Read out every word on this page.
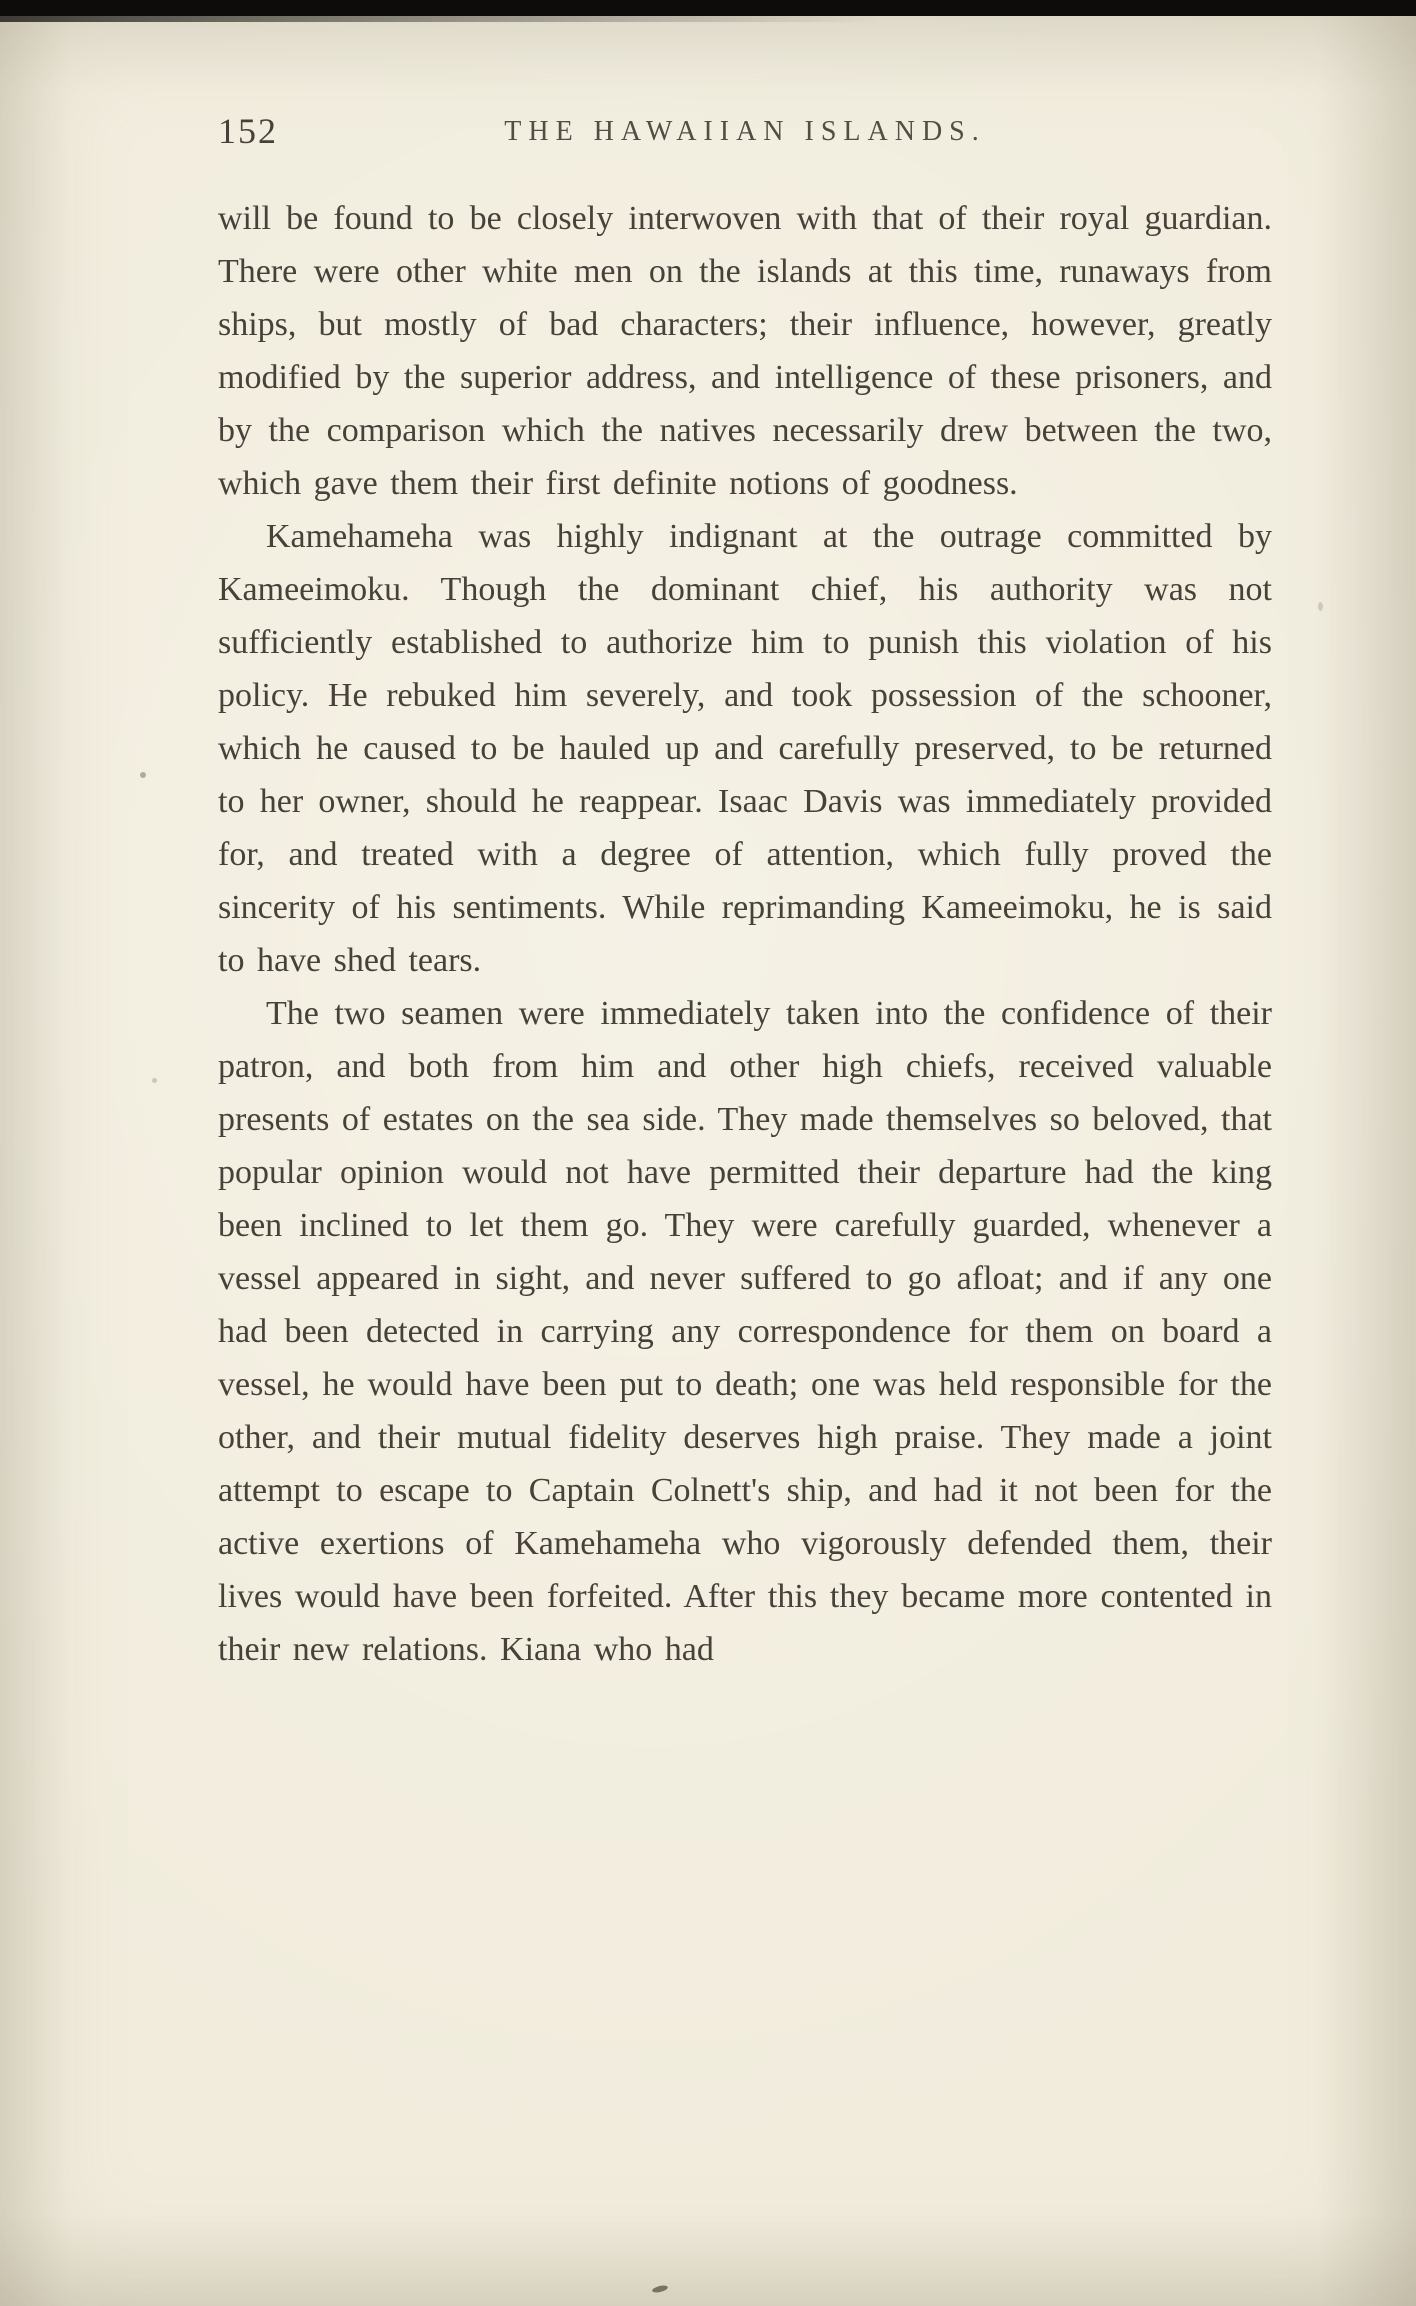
152	THE HAWAIIAN ISLANDS.

will be found to be closely interwoven with that of their royal guardian. There were other white men on the islands at this time, runaways from ships, but mostly of bad characters; their influence, however, greatly modified by the superior address, and intelligence of these prisoners, and by the comparison which the natives necessarily drew between the two, which gave them their first definite notions of goodness.

Kamehameha was highly indignant at the outrage committed by Kameeimoku. Though the dominant chief, his authority was not sufficiently established to authorize him to punish this violation of his policy. He rebuked him severely, and took possession of the schooner, which he caused to be hauled up and carefully preserved, to be returned to her owner, should he reappear. Isaac Davis was immediately provided for, and treated with a degree of attention, which fully proved the sincerity of his sentiments. While reprimanding Kameeimoku, he is said to have shed tears.

The two seamen were immediately taken into the confidence of their patron, and both from him and other high chiefs, received valuable presents of estates on the sea side. They made themselves so beloved, that popular opinion would not have permitted their departure had the king been inclined to let them go. They were carefully guarded, whenever a vessel appeared in sight, and never suffered to go afloat; and if any one had been detected in carrying any correspondence for them on board a vessel, he would have been put to death; one was held responsible for the other, and their mutual fidelity deserves high praise. They made a joint attempt to escape to Captain Colnett's ship, and had it not been for the active exertions of Kamehameha who vigorously defended them, their lives would have been forfeited. After this they became more contented in their new relations. Kiana who had
